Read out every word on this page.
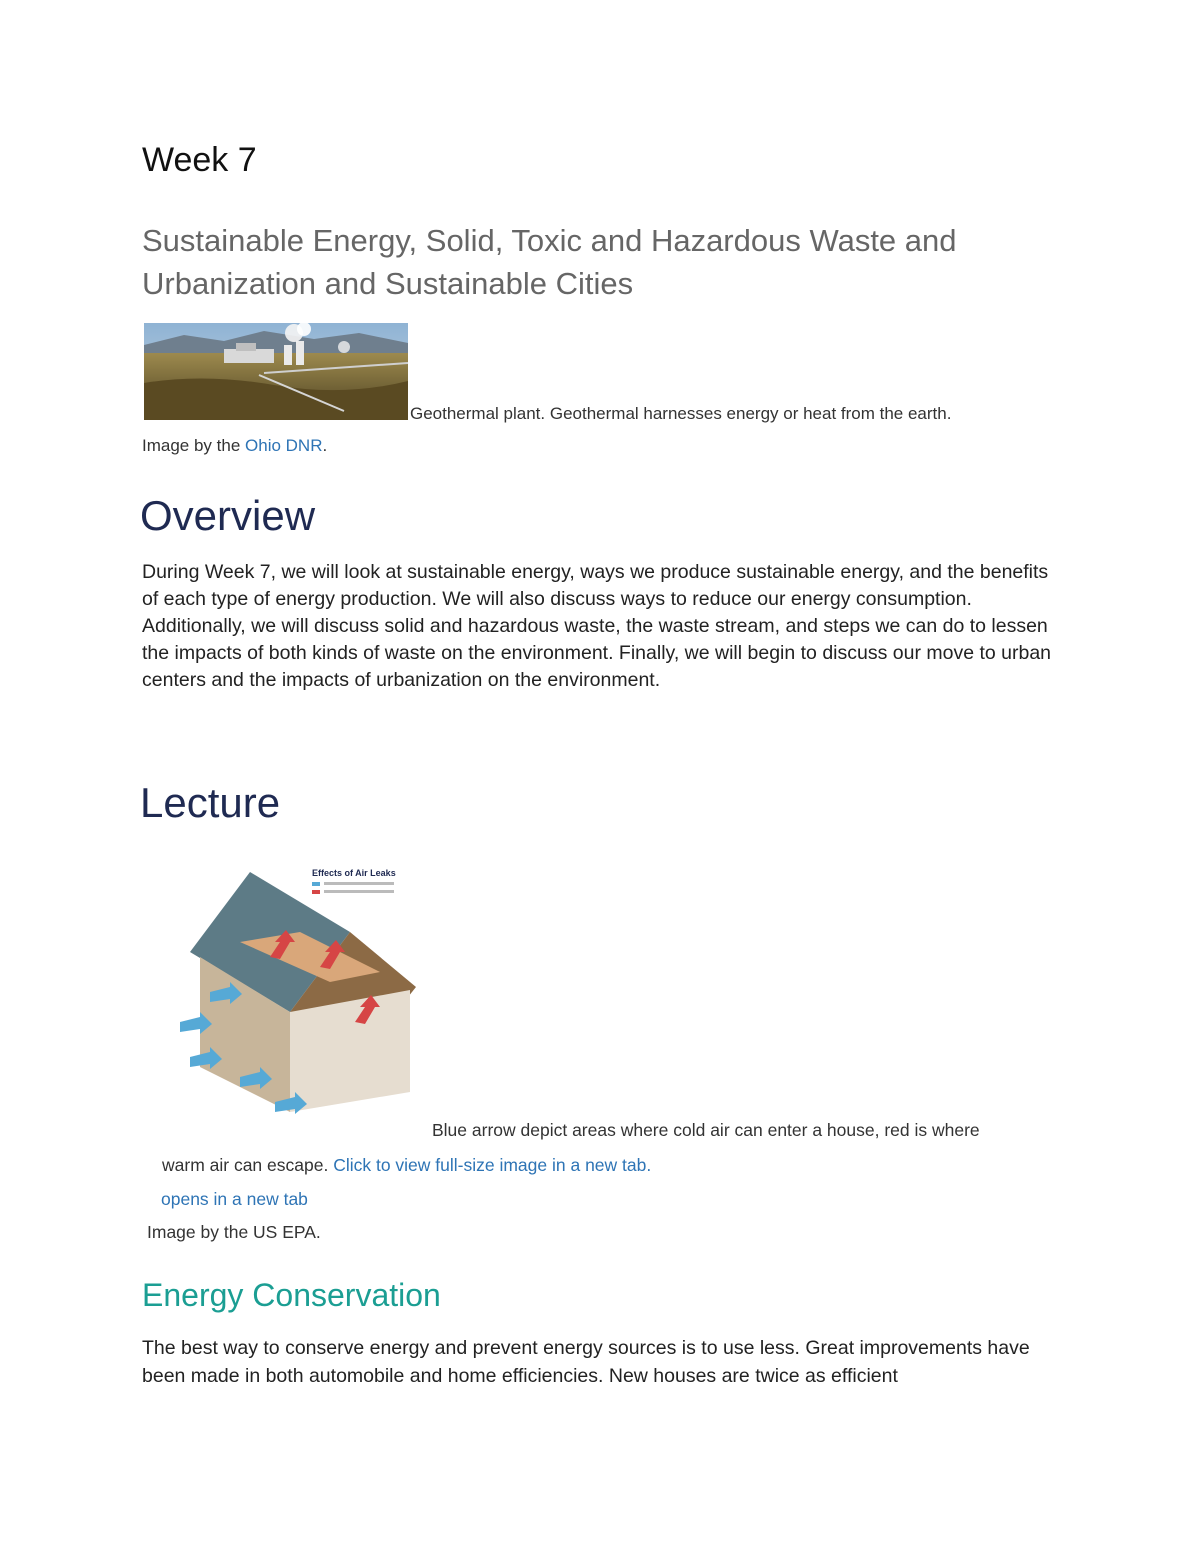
Week 7
Sustainable Energy, Solid, Toxic and Hazardous Waste and Urbanization and Sustainable Cities
Geothermal plant. Geothermal harnesses energy or heat from the earth.
Image by the Ohio DNR.
Overview
During Week 7, we will look at sustainable energy, ways we produce sustainable energy, and the benefits of each type of energy production. We will also discuss ways to reduce our energy consumption. Additionally, we will discuss solid and hazardous waste, the waste stream, and steps we can do to lessen the impacts of both kinds of waste on the environment. Finally, we will begin to discuss our move to urban centers and the impacts of urbanization on the environment.
Lecture
Effects of Air Leaks
Blue arrow depict areas where cold air can enter a house, red is where
warm air can escape. Click to view full-size image in a new tab.
opens in a new tab
Image by the US EPA.
Energy Conservation
The best way to conserve energy and prevent energy sources is to use less. Great improvements have been made in both automobile and home efficiencies. New houses are twice as efficient
